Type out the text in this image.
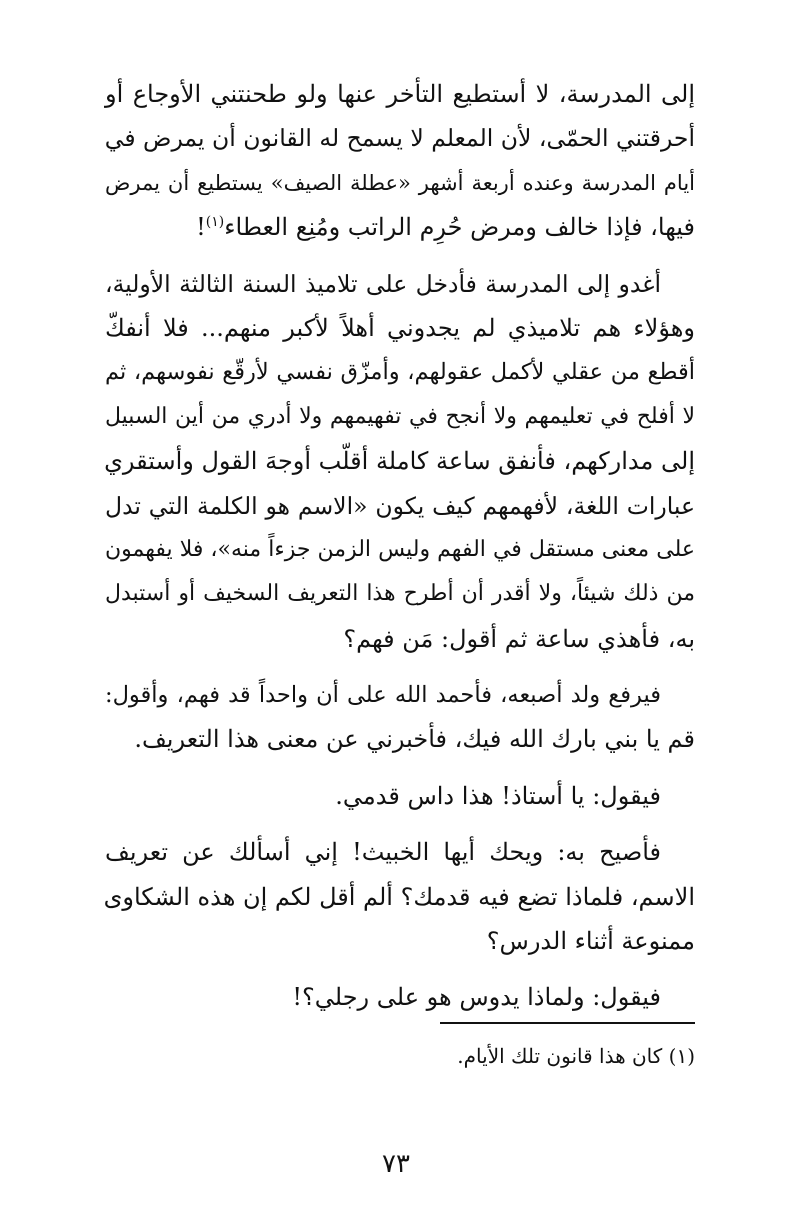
إلى المدرسة، لا أستطيع التأخر عنها ولو طحنتني الأوجاع أو
أحرقتني الحمّى، لأن المعلم لا يسمح له القانون أن يمرض في
أيام المدرسة وعنده أربعة أشهر «عطلة الصيف» يستطيع أن يمرض
فيها، فإذا خالف ومرض حُرِم الراتب ومُنِع العطاء$^{(١)}$!
أغدو إلى المدرسة فأدخل على تلاميذ السنة الثالثة الأولية،
وهؤلاء هم تلاميذي لم يجدوني أهلاً لأكبر منهم... فلا أنفكّ
أقطع من عقلي لأكمل عقولهم، وأمزّق نفسي لأرقّع نفوسهم، ثم
لا أفلح في تعليمهم ولا أنجح في تفهيمهم ولا أدري من أين السبيل
إلى مداركهم، فأنفق ساعة كاملة أقلّب أوجهَ القول وأستقري
عبارات اللغة، لأفهمهم كيف يكون «الاسم هو الكلمة التي تدل
على معنى مستقل في الفهم وليس الزمن جزءاً منه»، فلا يفهمون
من ذلك شيئاً، ولا أقدر أن أطرح هذا التعريف السخيف أو أستبدل
به، فأهذي ساعة ثم أقول: مَن فهم؟
فيرفع ولد أصبعه، فأحمد الله على أن واحداً قد فهم، وأقول:
قم يا بني بارك الله فيك، فأخبرني عن معنى هذا التعريف.
فيقول: يا أستاذ! هذا داس قدمي.
فأصيح به: ويحك أيها الخبيث! إني أسألك عن تعريف
الاسم، فلماذا تضع فيه قدمك؟ ألم أقل لكم إن هذه الشكاوى
ممنوعة أثناء الدرس؟
فيقول: ولماذا يدوس هو على رجلي؟!
(١) كان هذا قانون تلك الأيام.
٧٣
